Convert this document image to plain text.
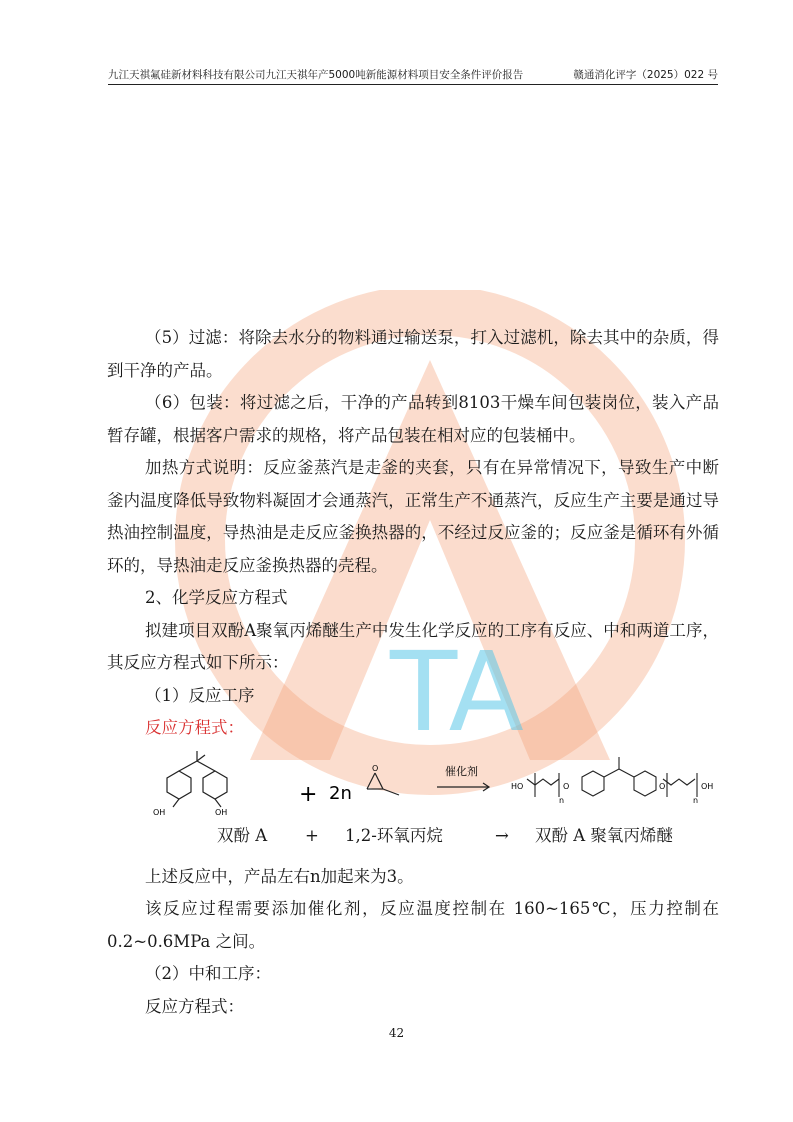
九江天祺氟硅新材料科技有限公司九江天祺年产5000吨新能源材料项目安全条件评价报告	赣通消化评字（2025）022 号
TA

（5）过滤：将除去水分的物料通过输送泵，打入过滤机，除去其中的杂质，得到干净的产品。

（6）包装：将过滤之后，干净的产品转到8103干燥车间包装岗位，装入产品暂存罐，根据客户需求的规格，将产品包装在相对应的包装桶中。

加热方式说明：反应釜蒸汽是走釜的夹套，只有在异常情况下，导致生产中断釜内温度降低导致物料凝固才会通蒸汽，正常生产不通蒸汽，反应生产主要是通过导热油控制温度，导热油是走反应釜换热器的，不经过反应釜的；反应釜是循环有外循环的，导热油走反应釜换热器的壳程。

2、化学反应方程式

拟建项目双酚A聚氧丙烯醚生产中发生化学反应的工序有反应、中和两道工序，其反应方程式如下所示：

（1）反应工序

反应方程式：

OH	OH
+ 2n
O	催化剂
HO	O
n	n
O	OH
双酚 A	+	1,2-环氧丙烷	→	双酚 A 聚氧丙烯醚

上述反应中，产品左右n加起来为3。

该反应过程需要添加催化剂，反应温度控制在 160~165℃，压力控制在0.2~0.6MPa 之间。

（2）中和工序：

反应方程式：

42
